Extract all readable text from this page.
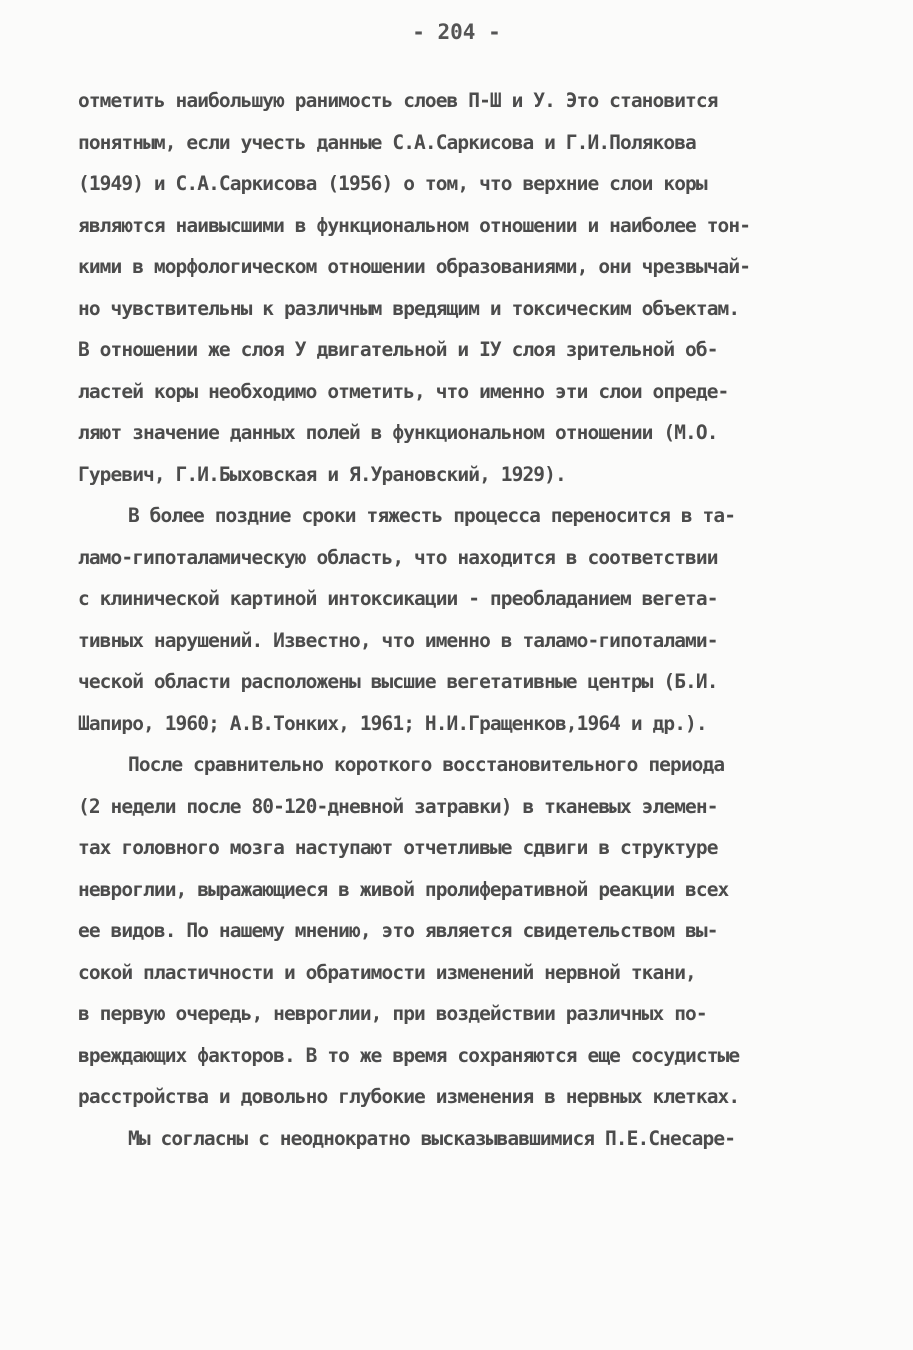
- 204 -
отметить наибольшую ранимость слоев П-Ш и У. Это становится
понятным, если учесть данные С.А.Саркисова и Г.И.Полякова
(1949) и С.А.Саркисова (1956) о том, что верхние слои коры
являются наивысшими в функциональном отношении и наиболее тон-
кими в морфологическом отношении образованиями, они чрезвычай-
но чувствительны к различным вредящим и токсическим объектам.
В отношении же слоя У двигательной и IУ слоя зрительной об-
ластей коры необходимо отметить, что именно эти слои опреде-
ляют значение данных полей в функциональном отношении (М.О.
Гуревич, Г.И.Быховская и Я.Урановский, 1929).
В более поздние сроки тяжесть процесса переносится в та-
ламо-гипоталамическую область, что находится в соответствии
с клинической картиной интоксикации - преобладанием вегета-
тивных нарушений. Известно, что именно в таламо-гипоталами-
ческой области расположены высшие вегетативные центры (Б.И.
Шапиро, 1960; А.В.Тонких, 1961; Н.И.Гращенков,1964 и др.).
После сравнительно короткого восстановительного периода
(2 недели после 80-120-дневной затравки) в тканевых элемен-
тах головного мозга наступают отчетливые сдвиги в структуре
невроглии, выражающиеся в живой пролиферативной реакции всех
ее видов. По нашему мнению, это является свидетельством вы-
сокой пластичности и обратимости изменений нервной ткани,
в первую очередь, невроглии, при воздействии различных по-
вреждающих факторов. В то же время сохраняются еще сосудистые
расстройства и довольно глубокие изменения в нервных клетках.
Мы согласны с неоднократно высказывавшимися П.Е.Снесаре-
